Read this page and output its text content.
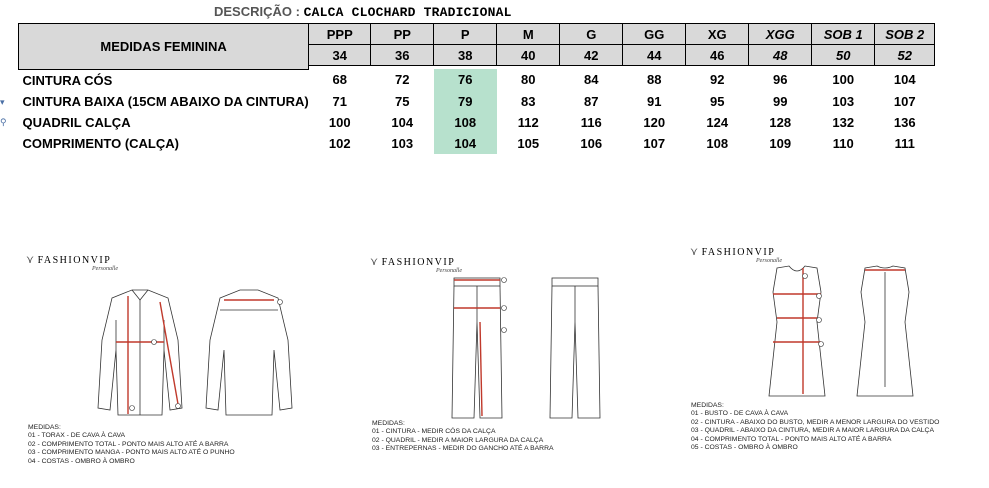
DESCRIÇÃO : CALCA CLOCHARD TRADICIONAL
▾
⚲
MEDIDAS FEMININA	PPP	PP	P	M	G	GG	XG	XGG	SOB 1	SOB 2
	34	36	38	40	42	44	46	48	50	52

CINTURA CÓS	68	72	76	80	84	88	92	96	100	104
CINTURA BAIXA (15CM ABAIXO DA CINTURA)	71	75	79	83	87	91	95	99	103	107
QUADRIL CALÇA	100	104	108	112	116	120	124	128	132	136
COMPRIMENTO (CALÇA)	102	103	104	105	106	107	108	109	110	111
⋎ FASHIONVIP
Personalle
MEDIDAS:
01 - TORAX - DE CAVA À CAVA
02 - COMPRIMENTO TOTAL - PONTO MAIS ALTO ATÉ A BARRA
03 - COMPRIMENTO MANGA - PONTO MAIS ALTO ATÉ O PUNHO
04 - COSTAS - OMBRO À OMBRO
⋎ FASHIONVIP
Personalle
MEDIDAS:
01 - CINTURA - MEDIR CÓS DA CALÇA
02 - QUADRIL - MEDIR A MAIOR LARGURA DA CALÇA
03 - ENTREPERNAS - MEDIR DO GANCHO ATÉ A BARRA
⋎ FASHIONVIP
Personalle
MEDIDAS:
01 - BUSTO - DE CAVA À CAVA
02 - CINTURA - ABAIXO DO BUSTO, MEDIR A MENOR LARGURA DO VESTIDO
03 - QUADRIL - ABAIXO DA CINTURA, MEDIR A MAIOR LARGURA DA CALÇA
04 - COMPRIMENTO TOTAL - PONTO MAIS ALTO ATÉ A BARRA
05 - COSTAS - OMBRO À OMBRO
